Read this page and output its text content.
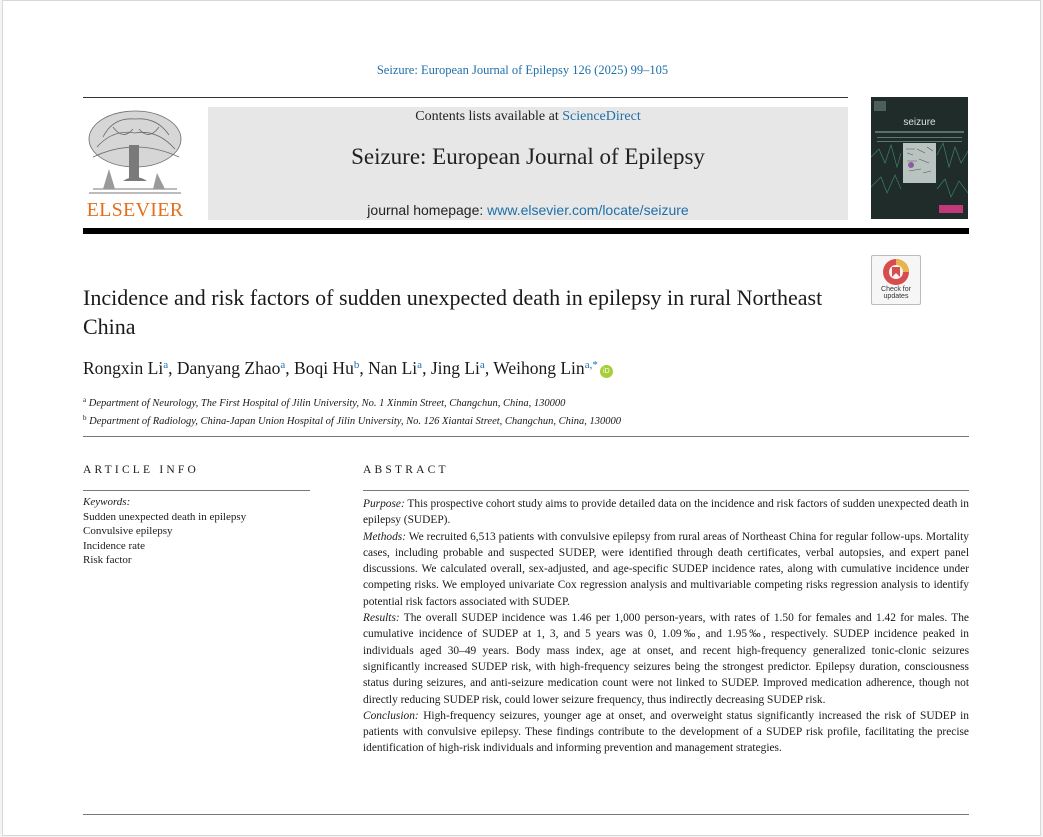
Seizure: European Journal of Epilepsy 126 (2025) 99–105
ELSEVIER
Contents lists available at ScienceDirect
Seizure: European Journal of Epilepsy
journal homepage: www.elsevier.com/locate/seizure
seizure
Check for
updates
Incidence and risk factors of sudden unexpected death in epilepsy in rural Northeast China
Rongxin Li$^a$, Danyang Zhao$^a$, Boqi Hu$^b$, Nan Li$^a$, Jing Li$^a$, Weihong Lin$^{a,*}$iD
$^a$ Department of Neurology, The First Hospital of Jilin University, No. 1 Xinmin Street, Changchun, China, 130000
$^b$ Department of Radiology, China-Japan Union Hospital of Jilin University, No. 126 Xiantai Street, Changchun, China, 130000
ARTICLE INFO
Keywords:
Sudden unexpected death in epilepsy
Convulsive epilepsy
Incidence rate
Risk factor
ABSTRACT

Purpose: This prospective cohort study aims to provide detailed data on the incidence and risk factors of sudden unexpected death in epilepsy (SUDEP).

Methods: We recruited 6,513 patients with convulsive epilepsy from rural areas of Northeast China for regular follow-ups. Mortality cases, including probable and suspected SUDEP, were identified through death certificates, verbal autopsies, and expert panel discussions. We calculated overall, sex-adjusted, and age-specific SUDEP incidence rates, along with cumulative incidence under competing risks. We employed univariate Cox regression analysis and multivariable competing risks regression analysis to identify potential risk factors associated with SUDEP.

Results: The overall SUDEP incidence was 1.46 per 1,000 person-years, with rates of 1.50 for females and 1.42 for males. The cumulative incidence of SUDEP at 1, 3, and 5 years was 0, 1.09‰, and 1.95‰, respectively. SUDEP incidence peaked in individuals aged 30–49 years. Body mass index, age at onset, and recent high-frequency generalized tonic-clonic seizures significantly increased SUDEP risk, with high-frequency seizures being the strongest predictor. Epilepsy duration, consciousness status during seizures, and anti-seizure medication count were not linked to SUDEP. Improved medication adherence, though not directly reducing SUDEP risk, could lower seizure frequency, thus indirectly decreasing SUDEP risk.

Conclusion: High-frequency seizures, younger age at onset, and overweight status significantly increased the risk of SUDEP in patients with convulsive epilepsy. These findings contribute to the development of a SUDEP risk profile, facilitating the precise identification of high-risk individuals and informing prevention and management strategies.
